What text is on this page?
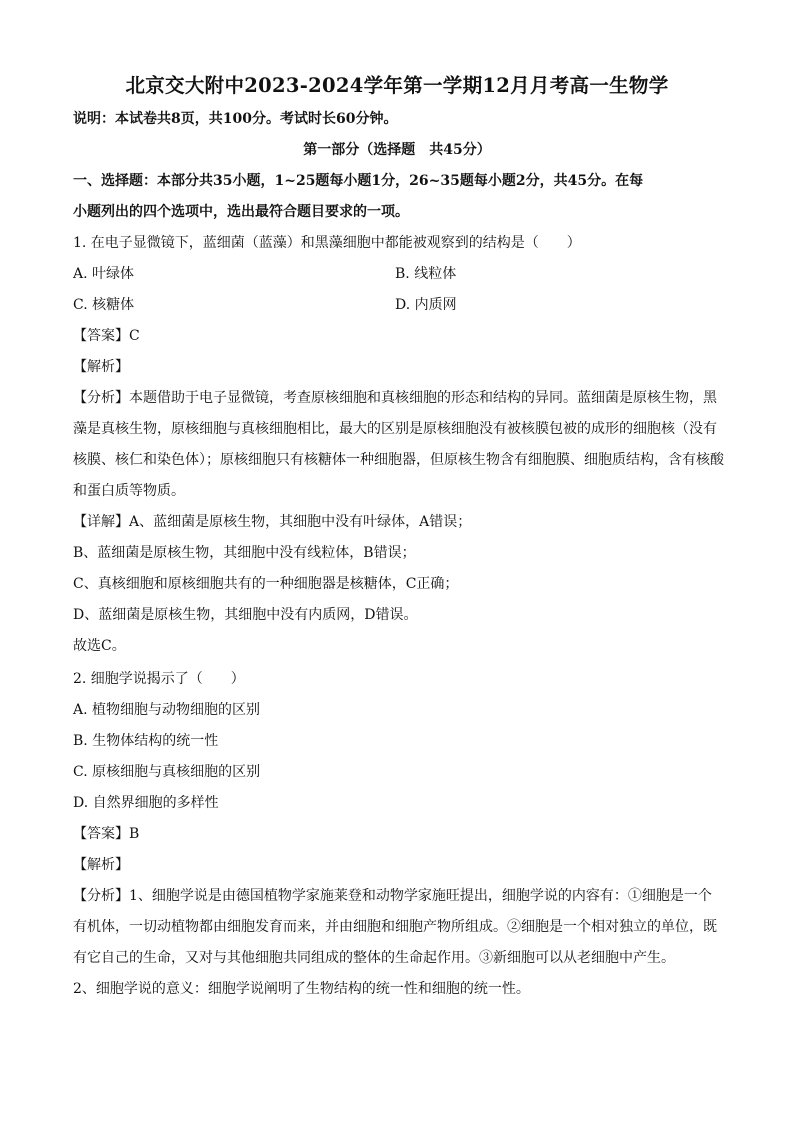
北京交大附中2023-2024学年第一学期12月月考高一生物学
说明：本试卷共8页，共100分。考试时长60分钟。
第一部分（选择题　共45分）
一、选择题：本部分共35小题，1~25题每小题1分，26~35题每小题2分，共45分。在每
小题列出的四个选项中，选出最符合题目要求的一项。
1. 在电子显微镜下，蓝细菌（蓝藻）和黑藻细胞中都能被观察到的结构是（　　）
A. 叶绿体	B. 线粒体
C. 核糖体	D. 内质网
【答案】C
【解析】
【分析】本题借助于电子显微镜，考查原核细胞和真核细胞的形态和结构的异同。蓝细菌是原核生物，黑
藻是真核生物，原核细胞与真核细胞相比，最大的区别是原核细胞没有被核膜包被的成形的细胞核（没有
核膜、核仁和染色体）；原核细胞只有核糖体一种细胞器，但原核生物含有细胞膜、细胞质结构，含有核酸
和蛋白质等物质。
【详解】A、蓝细菌是原核生物，其细胞中没有叶绿体，A错误；
B、蓝细菌是原核生物，其细胞中没有线粒体，B错误；
C、真核细胞和原核细胞共有的一种细胞器是核糖体，C正确；
D、蓝细菌是原核生物，其细胞中没有内质网，D错误。
故选C。
2. 细胞学说揭示了（　　）
A. 植物细胞与动物细胞的区别
B. 生物体结构的统一性
C. 原核细胞与真核细胞的区别
D. 自然界细胞的多样性
【答案】B
【解析】
【分析】1、细胞学说是由德国植物学家施莱登和动物学家施旺提出，细胞学说的内容有：①细胞是一个
有机体，一切动植物都由细胞发育而来，并由细胞和细胞产物所组成。②细胞是一个相对独立的单位，既
有它自己的生命，又对与其他细胞共同组成的整体的生命起作用。③新细胞可以从老细胞中产生。
2、细胞学说的意义：细胞学说阐明了生物结构的统一性和细胞的统一性。
